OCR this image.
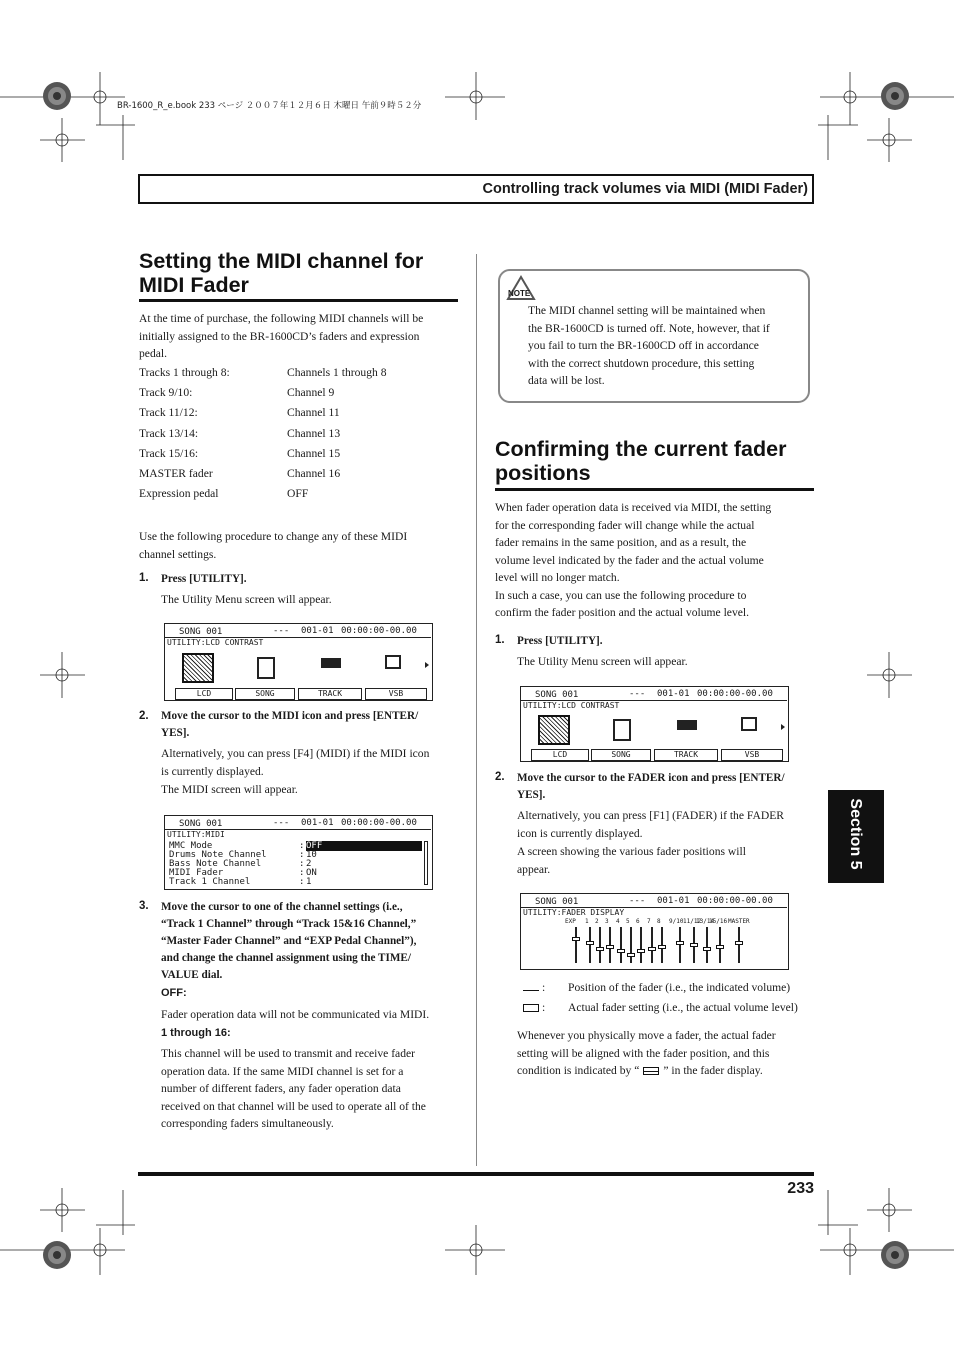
BR-1600_R_e.book 233 ページ ２００７年１２月６日 木曜日 午前９時５２分
Controlling track volumes via MIDI (MIDI Fader)
Section 5
Setting the MIDI channel for
MIDI Fader
At the time of purchase, the following MIDI channels will be
initially assigned to the BR-1600CD’s faders and expression
pedal.
Tracks 1 through 8:	Channels 1 through 8
Track 9/10:	Channel 9
Track 11/12:	Channel 11
Track 13/14:	Channel 13
Track 15/16:	Channel 15
MASTER fader	Channel 16
Expression pedal	OFF
Use the following procedure to change any of these MIDI
channel settings.
1. Press [UTILITY].
The Utility Menu screen will appear.
SONG 001	--- 001-01 00:00:00-00.00
UTILITY:LCD CONTRAST
LCD	SONG	TRACK	VSB
2. Move the cursor to the MIDI icon and press [ENTER/
YES].
Alternatively, you can press [F4] (MIDI) if the MIDI icon
is currently displayed.
The MIDI screen will appear.
SONG 001	--- 001-01 00:00:00-00.00
UTILITY:MIDI
MMC Mode	: OFF
Drums Note Channel	: 10
Bass Note Channel	: 2
MIDI Fader	: ON
Track 1 Channel	: 1
3. Move the cursor to one of the channel settings (i.e.,
“Track 1 Channel” through “Track 15&16 Channel,”
“Master Fader Channel” and “EXP Pedal Channel”),
and change the channel assignment using the TIME/
VALUE dial.
OFF:
Fader operation data will not be communicated via MIDI.
1 through 16:
This channel will be used to transmit and receive fader
operation data. If the same MIDI channel is set for a
number of different faders, any fader operation data
received on that channel will be used to operate all of the
corresponding faders simultaneously.
NOTE
The MIDI channel setting will be maintained when
the BR-1600CD is turned off. Note, however, that if
you fail to turn the BR-1600CD off in accordance
with the correct shutdown procedure, this setting
data will be lost.
Confirming the current fader
positions
When fader operation data is received via MIDI, the setting
for the corresponding fader will change while the actual
fader remains in the same position, and as a result, the
volume level indicated by the fader and the actual volume
level will no longer match.
In such a case, you can use the following procedure to
confirm the fader position and the actual volume level.
1. Press [UTILITY].
The Utility Menu screen will appear.
SONG 001	--- 001-01 00:00:00-00.00
UTILITY:LCD CONTRAST
LCD	SONG	TRACK	VSB
2. Move the cursor to the FADER icon and press [ENTER/
YES].
Alternatively, you can press [F1] (FADER) if the FADER
icon is currently displayed.
A screen showing the various fader positions will
appear.
SONG 001	--- 001-01 00:00:00-00.00
UTILITY:FADER DISPLAY
EXP 1 2 3 4 5 6 7 8 9/10 11/12
13/14
15/16 MASTER
: Position of the fader (i.e., the indicated volume)
: Actual fader setting (i.e., the actual volume level)
Whenever you physically move a fader, the actual fader
setting will be aligned with the fader position, and this
condition is indicated by “ ” in the fader display.
233
